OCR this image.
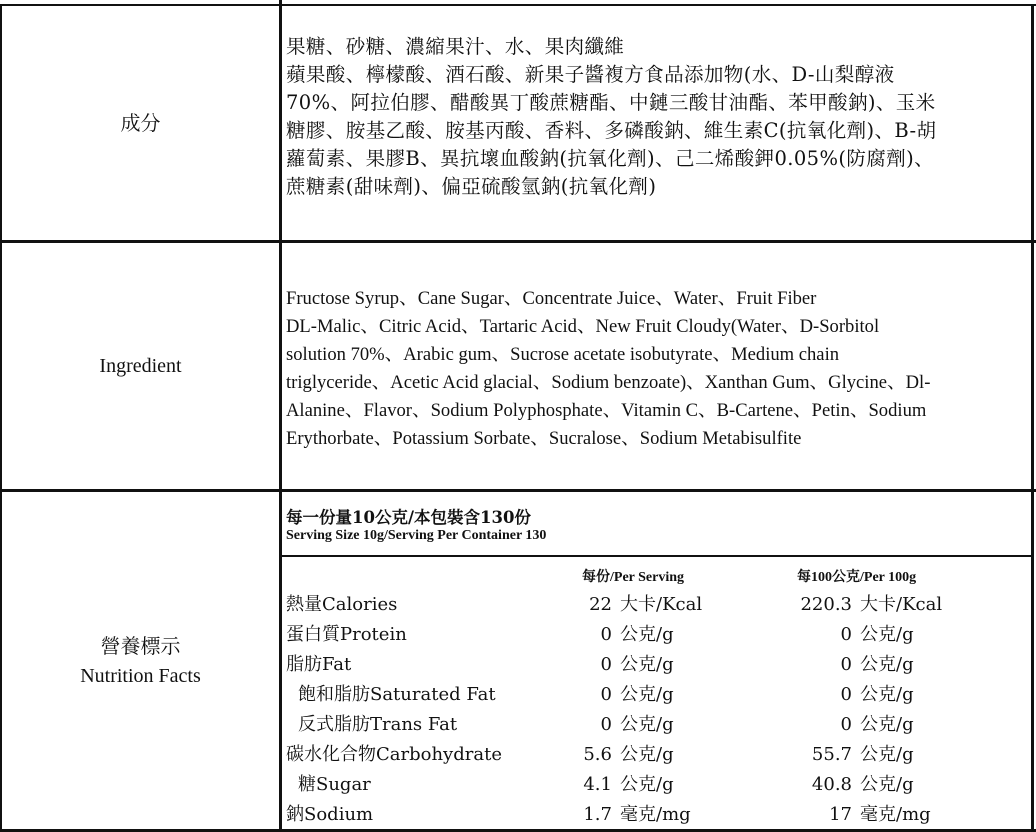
成分
果糖、砂糖、濃縮果汁、水、果肉纖維
蘋果酸、檸檬酸、酒石酸、新果子醬複方食品添加物(水、D-山梨醇液
70%、阿拉伯膠、醋酸異丁酸蔗糖酯、中鏈三酸甘油酯、苯甲酸鈉)、玉米
糖膠、胺基乙酸、胺基丙酸、香料、多磷酸鈉、維生素C(抗氧化劑)、B-胡
蘿蔔素、果膠B、異抗壞血酸鈉(抗氧化劑)、己二烯酸鉀0.05%(防腐劑)、
蔗糖素(甜味劑)、偏亞硫酸氫鈉(抗氧化劑)
Ingredient
Fructose Syrup、Cane Sugar、Concentrate Juice、Water、Fruit Fiber
DL-Malic、Citric Acid、Tartaric Acid、New Fruit Cloudy(Water、D-Sorbitol
solution 70%、Arabic gum、Sucrose acetate isobutyrate、Medium chain
triglyceride、Acetic Acid glacial、Sodium benzoate)、Xanthan Gum、Glycine、Dl-
Alanine、Flavor、Sodium Polyphosphate、Vitamin C、B-Cartene、Petin、Sodium
Erythorbate、Potassium Sorbate、Sucralose、Sodium Metabisulfite
營養標示
Nutrition Facts
每一份量10公克/本包裝含130份
Serving Size 10g/Serving Per Container 130
每份/Per Serving	每100公克/Per 100g
熱量Calories	22 大卡/Kcal	220.3 大卡/Kcal
蛋白質Protein	0 公克/g	0 公克/g
脂肪Fat	0 公克/g	0 公克/g
飽和脂肪Saturated Fat	0 公克/g	0 公克/g
反式脂肪Trans Fat	0 公克/g	0 公克/g
碳水化合物Carbohydrate	5.6 公克/g	55.7 公克/g
糖Sugar	4.1 公克/g	40.8 公克/g
鈉Sodium	1.7 毫克/mg	17 毫克/mg
